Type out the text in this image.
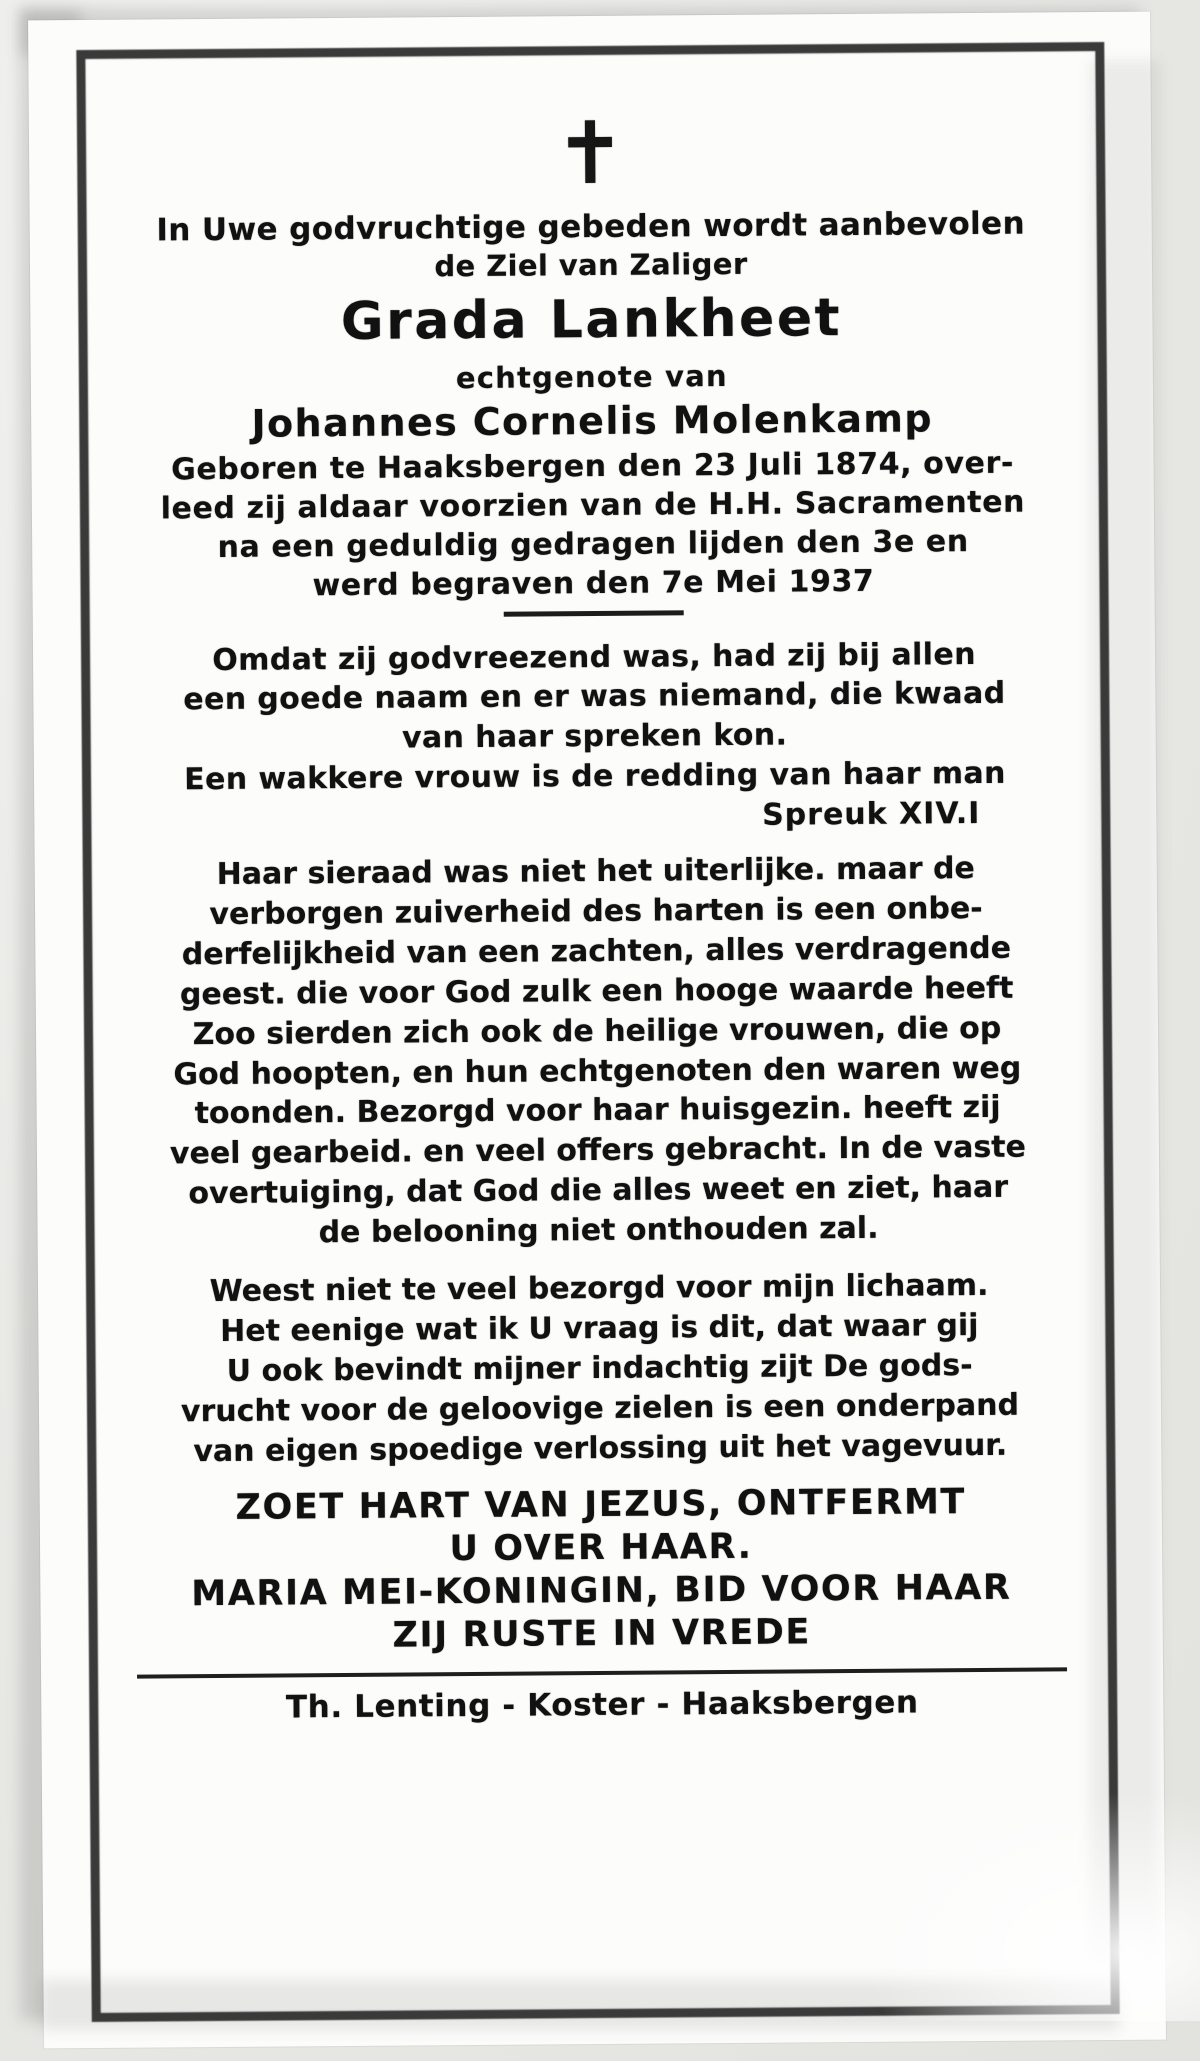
✝

In Uwe godvruchtige gebeden wordt aanbevolen

de Ziel van Zaliger

Grada Lankheet

echtgenote van

Johannes Cornelis Molenkamp

Geboren te Haaksbergen den 23 Juli 1874, over-

leed zij aldaar voorzien van de H.H. Sacramenten

na een geduldig gedragen lijden den 3e en

werd begraven den 7e Mei 1937

Omdat zij godvreezend was, had zij bij allen

een goede naam en er was niemand, die kwaad

van haar spreken kon.

Een wakkere vrouw is de redding van haar man

Spreuk XIV.I

Haar sieraad was niet het uiterlijke. maar de

verborgen zuiverheid des harten is een onbe-

derfelijkheid van een zachten, alles verdragende

geest. die voor God zulk een hooge waarde heeft

Zoo sierden zich ook de heilige vrouwen, die op

God hoopten, en hun echtgenoten den waren weg

toonden. Bezorgd voor haar huisgezin. heeft zij

veel gearbeid. en veel offers gebracht. In de vaste

overtuiging, dat God die alles weet en ziet, haar

de belooning niet onthouden zal.

Weest niet te veel bezorgd voor mijn lichaam.

Het eenige wat ik U vraag is dit, dat waar gij

U ook bevindt mijner indachtig zijt De gods-

vrucht voor de geloovige zielen is een onderpand

van eigen spoedige verlossing uit het vagevuur.

ZOET HART VAN JEZUS, ONTFERMT

U OVER HAAR.

MARIA MEI-KONINGIN, BID VOOR HAAR

ZIJ RUSTE IN VREDE

Th. Lenting - Koster - Haaksbergen
